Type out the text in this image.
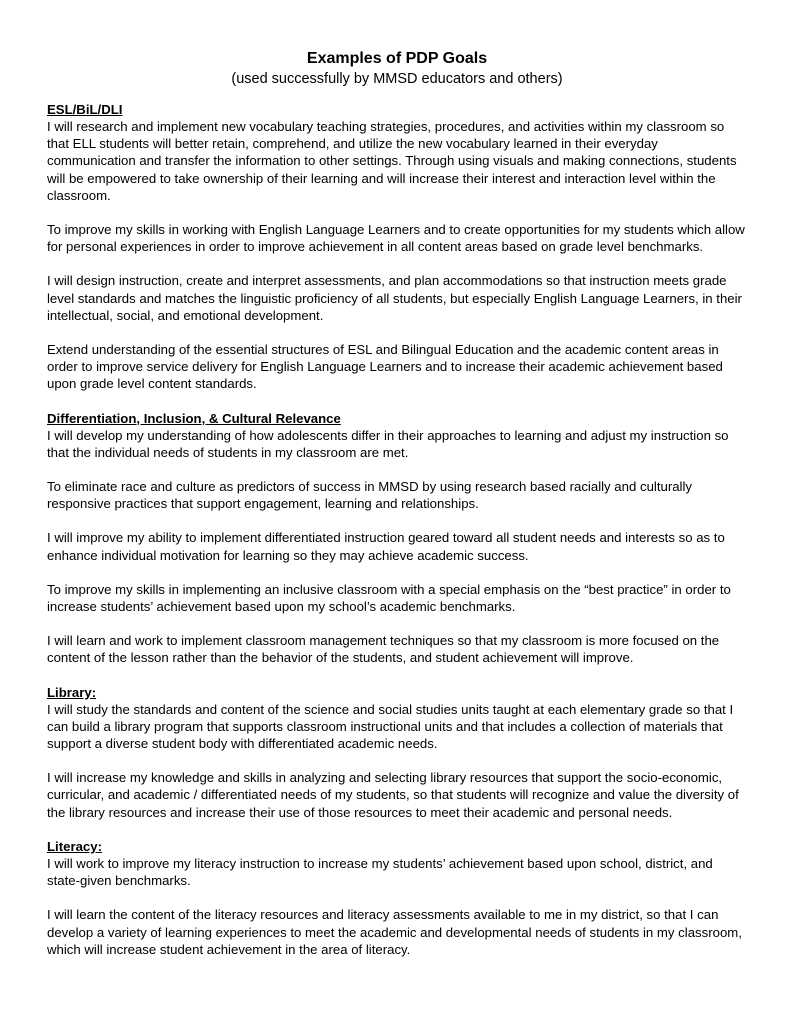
Examples of PDP Goals

(used successfully by MMSD educators and others)

ESL/BiL/DLI

I will research and implement new vocabulary teaching strategies, procedures, and activities within my classroom so that ELL students will better retain, comprehend, and utilize the new vocabulary learned in their everyday communication and transfer the information to other settings. Through using visuals and making connections, students will be empowered to take ownership of their learning and will increase their interest and interaction level within the classroom.

To improve my skills in working with English Language Learners and to create opportunities for my students which allow for personal experiences in order to improve achievement in all content areas based on grade level benchmarks.

I will design instruction, create and interpret assessments, and plan accommodations so that instruction meets grade level standards and matches the linguistic proficiency of all students, but especially English Language Learners, in their intellectual, social, and emotional development.

Extend understanding of the essential structures of ESL and Bilingual Education and the academic content areas in order to improve service delivery for English Language Learners and to increase their academic achievement based upon grade level content standards.

Differentiation, Inclusion, & Cultural Relevance

I will develop my understanding of how adolescents differ in their approaches to learning and adjust my instruction so that the individual needs of students in my classroom are met.

To eliminate race and culture as predictors of success in MMSD by using research based racially and culturally responsive practices that support engagement, learning and relationships.

I will improve my ability to implement differentiated instruction geared toward all student needs and interests so as to enhance individual motivation for learning so they may achieve academic success.

To improve my skills in implementing an inclusive classroom with a special emphasis on the “best practice” in order to increase students’ achievement based upon my school’s academic benchmarks.

I will learn and work to implement classroom management techniques so that my classroom is more focused on the content of the lesson rather than the behavior of the students, and student achievement will improve.

Library:

I will study the standards and content of the science and social studies units taught at each elementary grade so that I can build a library program that supports classroom instructional units and that includes a collection of materials that support a diverse student body with differentiated academic needs.

I will increase my knowledge and skills in analyzing and selecting library resources that support the socio-economic, curricular, and academic / differentiated needs of my students, so that students will recognize and value the diversity of the library resources and increase their use of those resources to meet their academic and personal needs.

Literacy:

I will work to improve my literacy instruction to increase my students’ achievement based upon school, district, and state-given benchmarks.

I will learn the content of the literacy resources and literacy assessments available to me in my district, so that I can develop a variety of learning experiences to meet the academic and developmental needs of students in my classroom, which will increase student achievement in the area of literacy.
